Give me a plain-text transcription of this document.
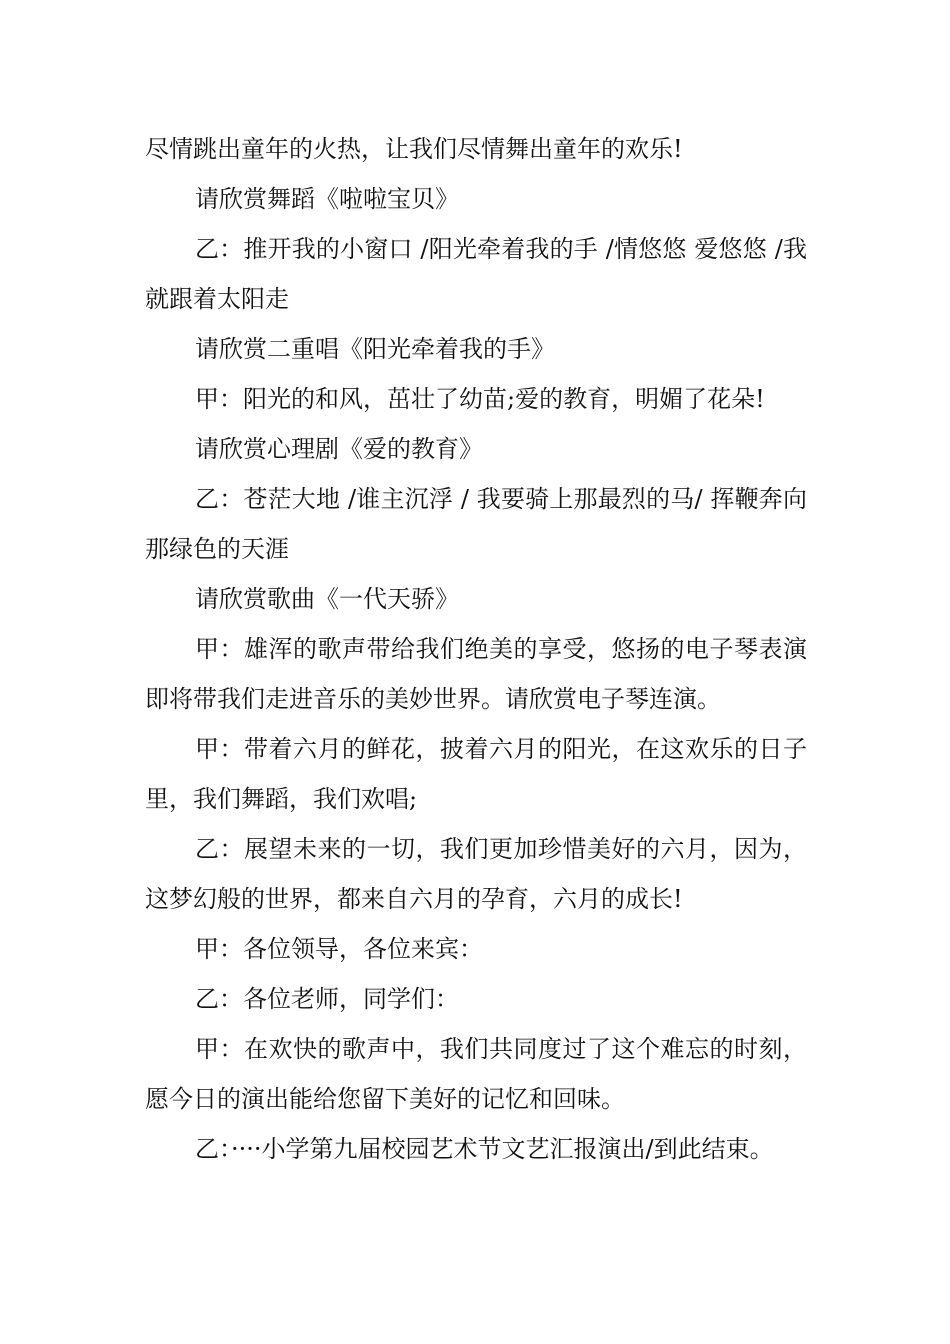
尽情跳出童年的火热，让我们尽情舞出童年的欢乐!

请欣赏舞蹈《啦啦宝贝》

乙：推开我的小窗口 /阳光牵着我的手 /情悠悠 爱悠悠 /我就跟着太阳走

请欣赏二重唱《阳光牵着我的手》

甲：阳光的和风，茁壮了幼苗;爱的教育，明媚了花朵!

请欣赏心理剧《爱的教育》

乙：苍茫大地 /谁主沉浮 / 我要骑上那最烈的马/ 挥鞭奔向那绿色的天涯

请欣赏歌曲《一代天骄》

甲：雄浑的歌声带给我们绝美的享受，悠扬的电子琴表演即将带我们走进音乐的美妙世界。请欣赏电子琴连演。

甲：带着六月的鲜花，披着六月的阳光，在这欢乐的日子里，我们舞蹈，我们欢唱;

乙：展望未来的一切，我们更加珍惜美好的六月，因为，这梦幻般的世界，都来自六月的孕育，六月的成长!

甲：各位领导，各位来宾：

乙：各位老师，同学们：

甲：在欢快的歌声中，我们共同度过了这个难忘的时刻，愿今日的演出能给您留下美好的记忆和回味。

乙：····小学第九届校园艺术节文艺汇报演出/到此结束。
